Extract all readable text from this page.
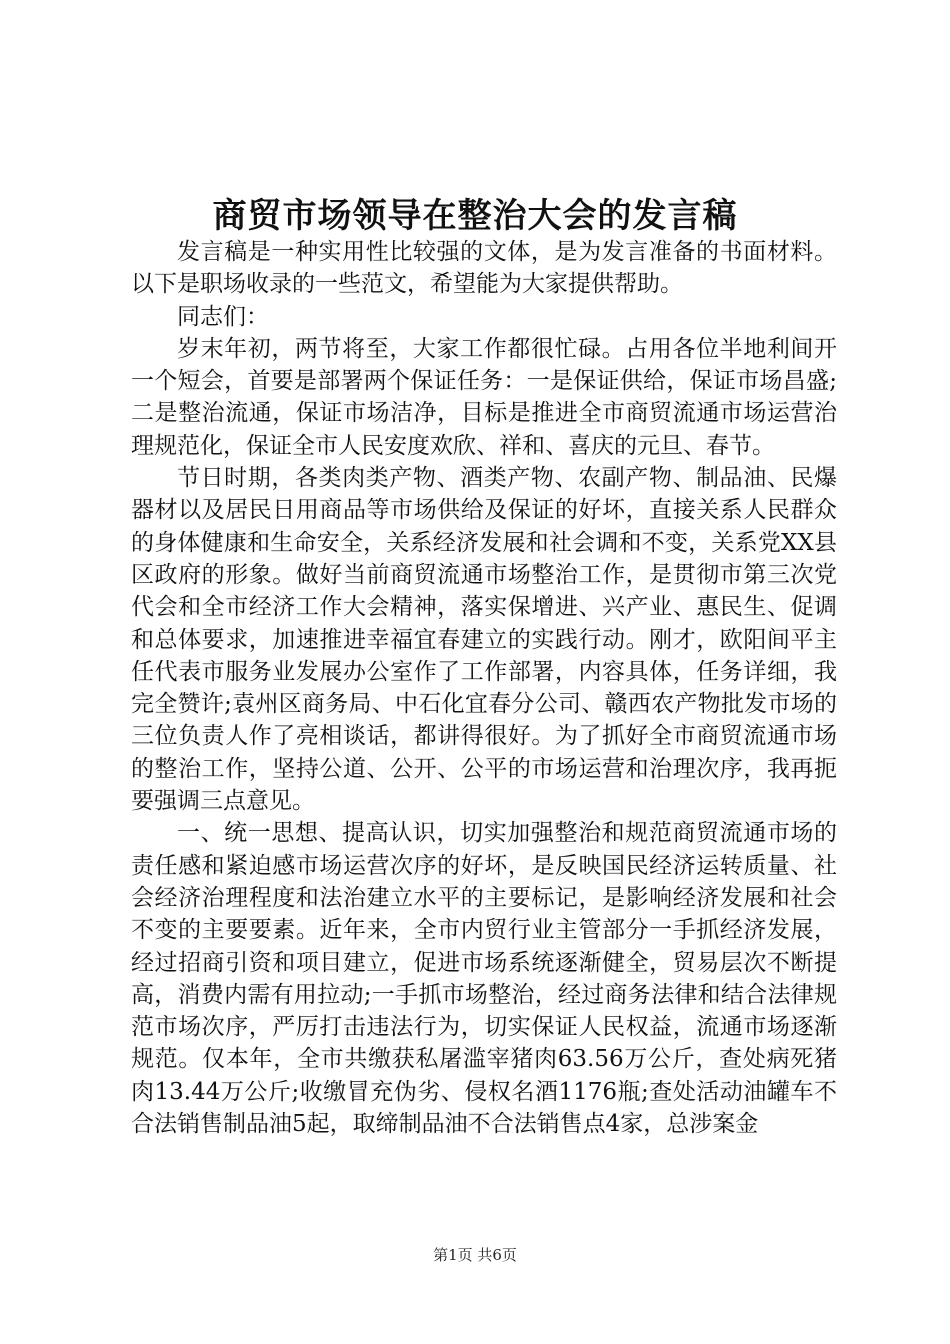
商贸市场领导在整治大会的发言稿

发言稿是一种实用性比较强的文体，是为发言准备的书面材料。以下是职场收录的一些范文，希望能为大家提供帮助。

同志们：

岁末年初，两节将至，大家工作都很忙碌。占用各位半地利间开一个短会，首要是部署两个保证任务：一是保证供给，保证市场昌盛;二是整治流通，保证市场洁净，目标是推进全市商贸流通市场运营治理规范化，保证全市人民安度欢欣、祥和、喜庆的元旦、春节。

节日时期，各类肉类产物、酒类产物、农副产物、制品油、民爆器材以及居民日用商品等市场供给及保证的好坏，直接关系人民群众的身体健康和生命安全，关系经济发展和社会调和不变，关系党XX县区政府的形象。做好当前商贸流通市场整治工作，是贯彻市第三次党代会和全市经济工作大会精神，落实保增进、兴产业、惠民生、促调和总体要求，加速推进幸福宜春建立的实践行动。刚才，欧阳间平主任代表市服务业发展办公室作了工作部署，内容具体，任务详细，我完全赞许;袁州区商务局、中石化宜春分公司、赣西农产物批发市场的三位负责人作了亮相谈话，都讲得很好。为了抓好全市商贸流通市场的整治工作，坚持公道、公开、公平的市场运营和治理次序，我再扼要强调三点意见。

一、统一思想、提高认识，切实加强整治和规范商贸流通市场的责任感和紧迫感市场运营次序的好坏，是反映国民经济运转质量、社会经济治理程度和法治建立水平的主要标记，是影响经济发展和社会不变的主要要素。近年来，全市内贸行业主管部分一手抓经济发展，经过招商引资和项目建立，促进市场系统逐渐健全，贸易层次不断提高，消费内需有用拉动;一手抓市场整治，经过商务法律和结合法律规范市场次序，严厉打击违法行为，切实保证人民权益，流通市场逐渐规范。仅本年，全市共缴获私屠滥宰猪肉63.56万公斤，查处病死猪肉13.44万公斤;收缴冒充伪劣、侵权名酒1176瓶;查处活动油罐车不合法销售制品油5起，取缔制品油不合法销售点4家，总涉案金

第1页 共6页
